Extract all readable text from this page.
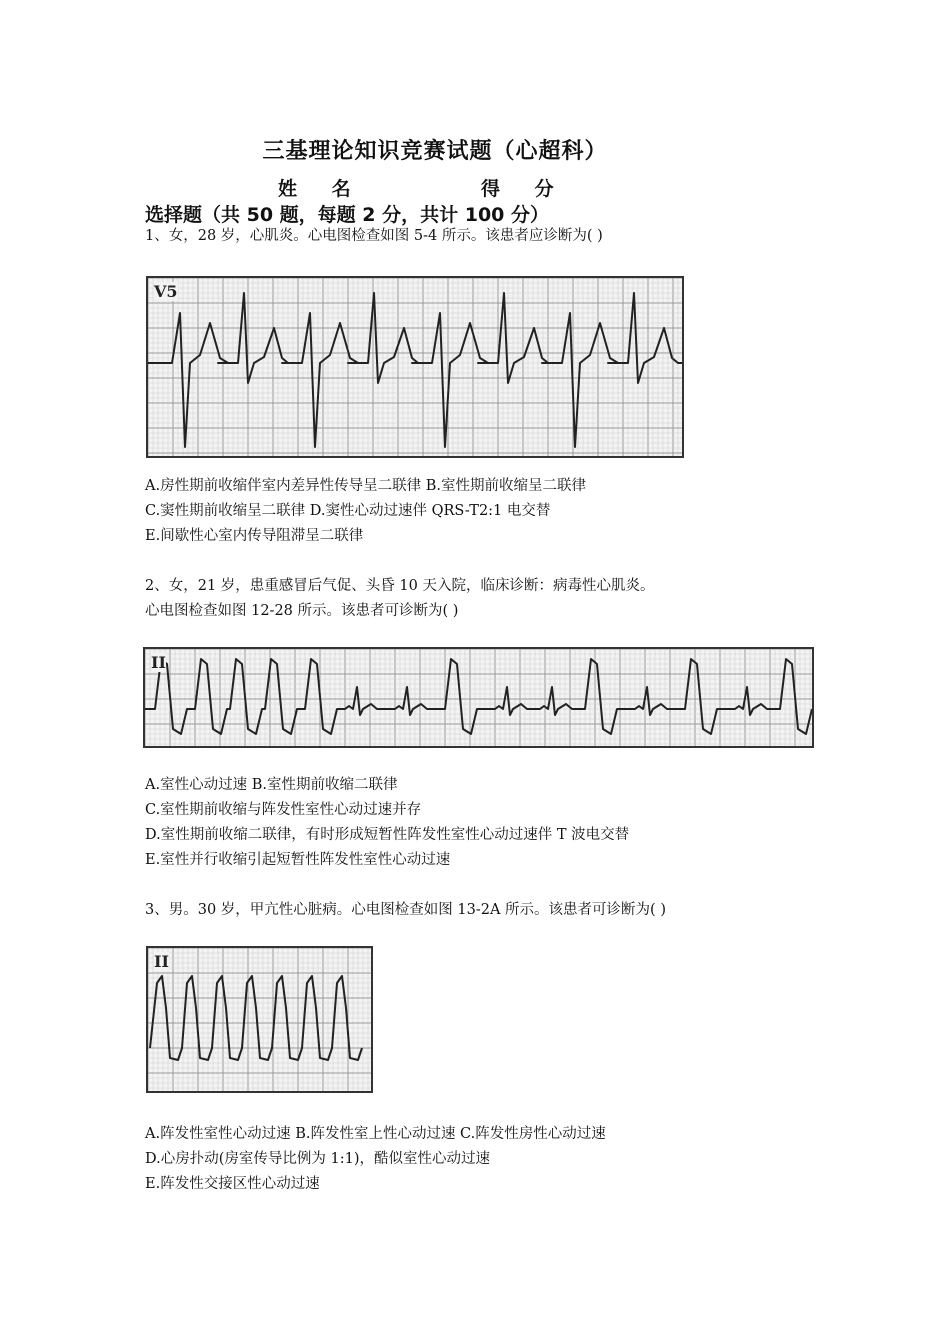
三基理论知识竞赛试题（心超科）
姓 名	得 分
选择题（共 50 题，每题 2 分，共计 100 分）
1、女，28 岁，心肌炎。心电图检查如图 5-4 所示。该患者应诊断为( )
V5
A.房性期前收缩伴室内差异性传导呈二联律 B.室性期前收缩呈二联律
C.窦性期前收缩呈二联律 D.窦性心动过速伴 QRS-T2:1 电交替
E.间歇性心室内传导阻滞呈二联律
2、女，21 岁，患重感冒后气促、头昏 10 天入院，临床诊断：病毒性心肌炎。
心电图检查如图 12-28 所示。该患者可诊断为( )
II
A.室性心动过速 B.室性期前收缩二联律
C.室性期前收缩与阵发性室性心动过速并存
D.室性期前收缩二联律，有时形成短暂性阵发性室性心动过速伴 T 波电交替
E.室性并行收缩引起短暂性阵发性室性心动过速
3、男。30 岁，甲亢性心脏病。心电图检查如图 13-2A 所示。该患者可诊断为( )
II
A.阵发性室性心动过速 B.阵发性室上性心动过速 C.阵发性房性心动过速
D.心房扑动(房室传导比例为 1:1)，酷似室性心动过速
E.阵发性交接区性心动过速
